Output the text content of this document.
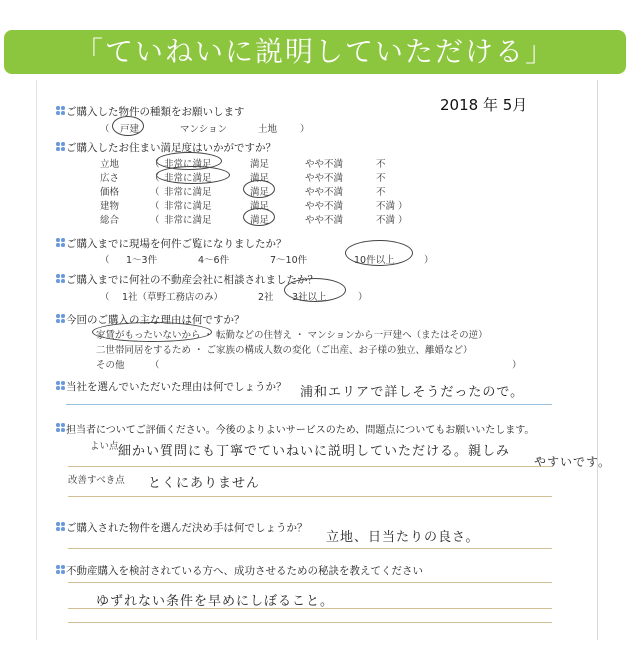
「ていねいに説明していただける」
2018 年 5月
ご購入した物件の種類をお願いします
（ 戸建	マンション	土地 ）
ご購入したお住まい満足度はいかがですか？
立地	（ 非常に満足	満足	やや不満	不
広さ	（ 非常に満足	満足	やや不満	不
価格	（ 非常に満足	満足	やや不満	不
建物	（ 非常に満足	満足	やや不満	不満 ）
総合	（ 非常に満足	満足	やや不満	不満 ）
ご購入までに現場を何件ご覧になりましたか？
（ 1～3件	4～6件	7～10件	10件以上	）
ご購入までに何社の不動産会社に相談されましたか？
（ 1社（草野工務店のみ）	2社 3社以上	）
今回のご購入の主な理由は何ですか？
家賃がもったいないから ・ 転勤などの住替え ・ マンションから一戸建へ（またはその逆）
二世帯同居をするため ・ ご家族の構成人数の変化（ご出産、お子様の独立、離婚など）
その他	（	）
当社を選んでいただいた理由は何でしょうか？ 浦和エリアで詳しそうだったので。
担当者についてご評価ください。今後のよりよいサービスのため、問題点についてもお願いいたします。
よい点 細かい質問にも丁寧でていねいに説明していただける。親しみ
やすいです。
改善すべき点 とくにありません
ご購入された物件を選んだ決め手は何でしょうか？
立地、日当たりの良さ。
不動産購入を検討されている方へ、成功させるための秘訣を教えてください
ゆずれない条件を早めにしぼること。
